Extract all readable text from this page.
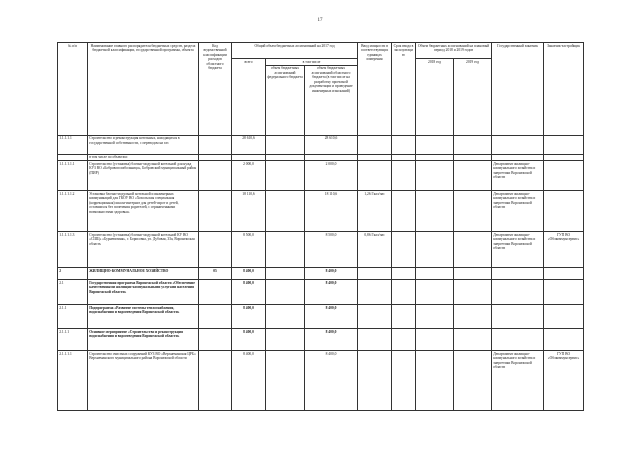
17
№ п/п	Наименование главного распорядителя бюджетных средств, раздела бюджетной классификации, государственной программы, объекта	Код ведомственной классификации расходов областного бюджета	Общий объем бюджетных ассигнований на 2017 год			Ввод мощности в соответствующих единицах измерения	Срок ввода в эксплуатацию	Объем бюджетных ассигнований на плановый период 2018 и 2019 годов		Государственный заказчик	Заказчик-застройщик
			всего	в том числе				2018 год	2019 год		
				объем бюджетных ассигнований федерального бюджета	объем бюджетных ассигнований областного бюджета (в том числе на разработку проектной документации и проведение инженерных изысканий)						
1.1.1.1.1	Строительство и реконструкция котельных, находящихся в государственной собственности, с переводом на газ		28 610,6		28 610,6						
	в том числе по объектам:										
1.1.1.1.1.1	Строительство (установка) блочно-модульной котельной для нужд КУЗ ВО «Бобровопсихбольница», Бобровский муниципальный район (ПИР)		2 000,0		2 000,0					Департамент жилищно-коммунального хозяйства и энергетики Воронежской области	
1.1.1.1.1.2	Установка блочно-модульной котельной и инженерных коммуникаций для ГКОУ ВО «Хохольская специальная (коррекционная) школа-интернат для детей-сирот и детей, оставшихся без попечения родителей, с ограниченными возможностями здоровья»		18 110,6		18 110,6	1,26 Гкал/час				Департамент жилищно-коммунального хозяйства и энергетики Воронежской области	
1.1.1.1.1.3	Строительство (установка) блочно-модульной котельной КУ ВО «СШЦ» «Бурневатиня», г. Борисовка, ул. Дубовая, 33а, Воронежская область		8 500,0		8 500,0	0,86 Гкал/час				Департамент жилищно-коммунального хозяйства и энергетики Воронежской области	ГУП ВО «Облкоммунсервис»
2	ЖИЛИЩНО-КОММУНАЛЬНОЕ ХОЗЯЙСТВО	05	8 400,0		8 400,0						
2.1	Государственная программа Воронежской области «Обеспечение качественными жилищно-коммунальными услугами населения Воронежской области»		8 400,0		8 400,0						
2.1.1	Подпрограмма «Развитие системы теплоснабжения, водоснабжения и водоотведения Воронежской области»		8 400,0		8 400,0						
2.1.1.1	Основное мероприятие «Строительство и реконструкция водоснабжения и водоотведения Воронежской области»		8 400,0		8 400,0						
2.1.1.1.1	Строительство очистных сооружений КУЗ ВО «Верхнеманская ЦРБ» Верхнеманского муниципального района Воронежской области		8 400,0		8 400,0					Департамент жилищно-коммунального хозяйства и энергетики Воронежской области	ГУП ВО «Облкоммунсервис»
